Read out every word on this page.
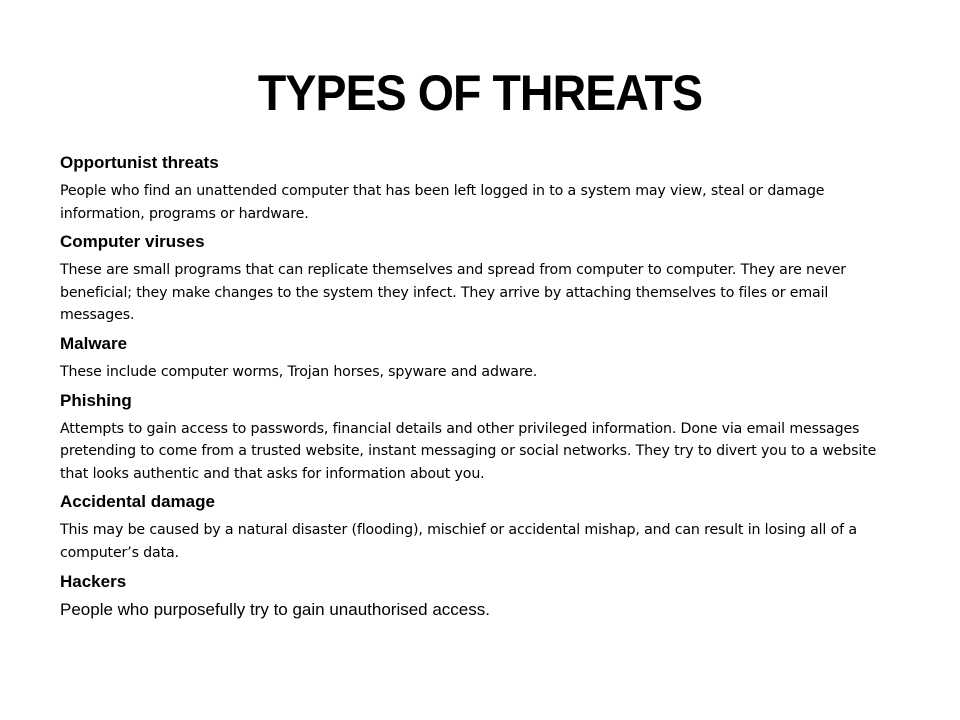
TYPES OF THREATS

Opportunist threats

People who find an unattended computer that has been left logged in to a system may view, steal or damage information, programs or hardware.

Computer viruses

These are small programs that can replicate themselves and spread from computer to computer. They are never beneficial; they make changes to the system they infect. They arrive by attaching themselves to files or email messages.

Malware

These include computer worms, Trojan horses, spyware and adware.

Phishing

Attempts to gain access to passwords, financial details and other privileged information. Done via email messages pretending to come from a trusted website, instant messaging or social networks. They try to divert you to a website that looks authentic and that asks for information about you.

Accidental damage

This may be caused by a natural disaster (flooding), mischief or accidental mishap, and can result in losing all of a computer’s data.

Hackers

People who purposefully try to gain unauthorised access.
